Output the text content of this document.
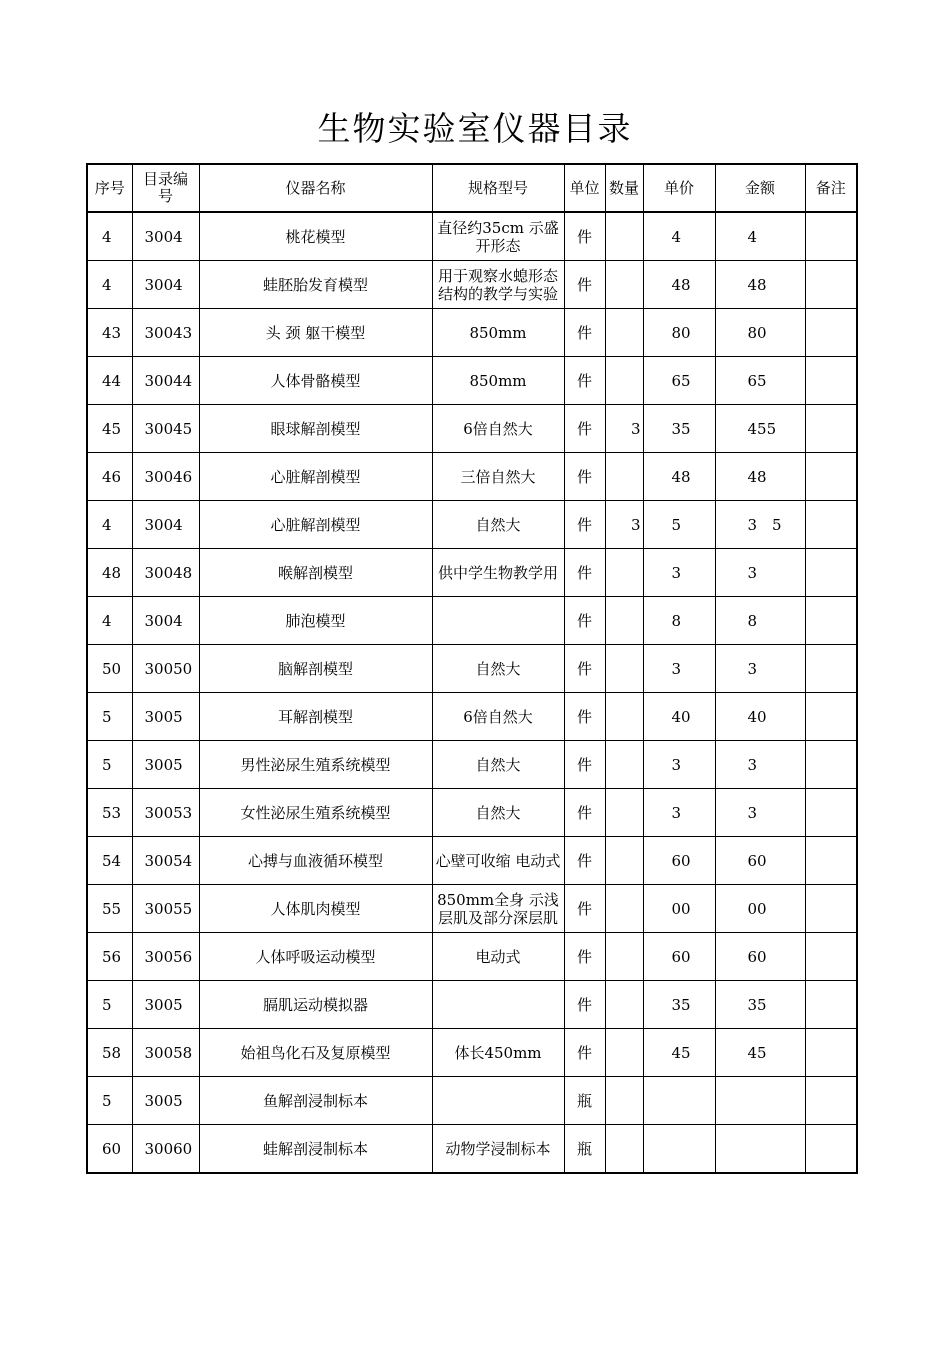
生物实验室仪器目录
序号	目录编号	仪器名称	规格型号	单位	数量	单价	金额	备注
4	3004	桃花模型	直径约35cm 示盛开形态	件		4	4	
4	3004	蛙胚胎发育模型	用于观察水螅形态结构的教学与实验	件		48	48	
43	30043	头 颈 躯干模型	850mm	件		80	80	
44	30044	人体骨骼模型	850mm	件		65	65	
45	30045	眼球解剖模型	6倍自然大	件	3	35	455	
46	30046	心脏解剖模型	三倍自然大	件		48	48	
4	3004	心脏解剖模型	自然大	件	3	5	3　5	
48	30048	喉解剖模型	供中学生物教学用	件		3	3	
4	3004	肺泡模型		件		8	8	
50	30050	脑解剖模型	自然大	件		3	3	
5	3005	耳解剖模型	6倍自然大	件		40	40	
5	3005	男性泌尿生殖系统模型	自然大	件		3	3	
53	30053	女性泌尿生殖系统模型	自然大	件		3	3	
54	30054	心搏与血液循环模型	心壁可收缩 电动式	件		60	60	
55	30055	人体肌肉模型	850mm全身 示浅层肌及部分深层肌	件		00	00	
56	30056	人体呼吸运动模型	电动式	件		60	60	
5	3005	膈肌运动模拟器		件		35	35	
58	30058	始祖鸟化石及复原模型	体长450mm	件		45	45	
5	3005	鱼解剖浸制标本		瓶				
60	30060	蛙解剖浸制标本	动物学浸制标本	瓶				
